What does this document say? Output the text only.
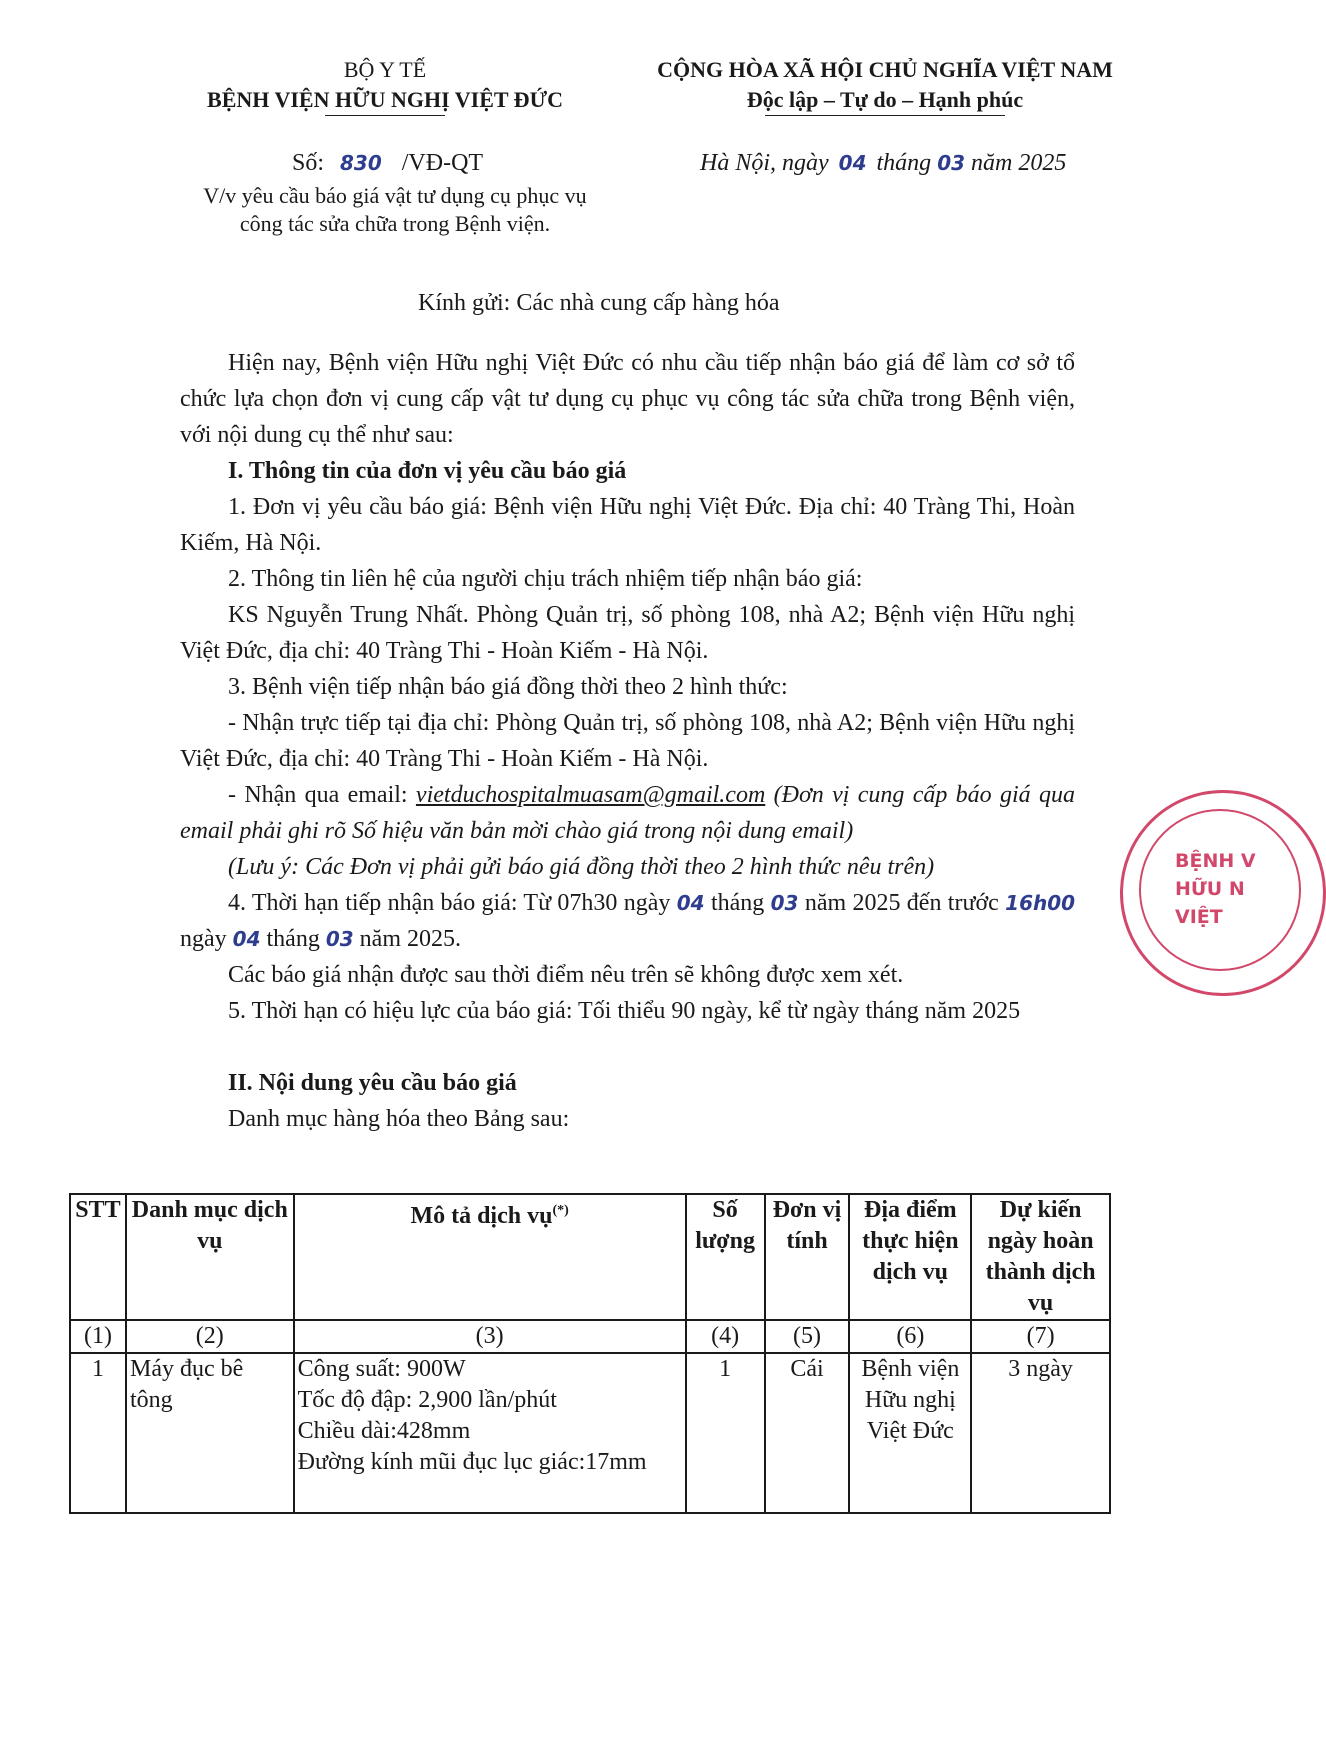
BỘ Y TẾ
BỆNH VIỆN HỮU NGHỊ VIỆT ĐỨC
CỘNG HÒA XÃ HỘI CHỦ NGHĨA VIỆT NAM
Độc lập – Tự do – Hạnh phúc
Số: 830 /VĐ-QT
V/v yêu cầu báo giá vật tư dụng cụ phục vụ
công tác sửa chữa trong Bệnh viện.
Hà Nội, ngày 04 tháng 03 năm 2025
Kính gửi: Các nhà cung cấp hàng hóa
Hiện nay, Bệnh viện Hữu nghị Việt Đức có nhu cầu tiếp nhận báo giá để làm cơ sở tổ chức lựa chọn đơn vị cung cấp vật tư dụng cụ phục vụ công tác sửa chữa trong Bệnh viện, với nội dung cụ thể như sau:
I. Thông tin của đơn vị yêu cầu báo giá
1. Đơn vị yêu cầu báo giá: Bệnh viện Hữu nghị Việt Đức. Địa chỉ: 40 Tràng Thi, Hoàn Kiếm, Hà Nội.
2. Thông tin liên hệ của người chịu trách nhiệm tiếp nhận báo giá:
KS Nguyễn Trung Nhất. Phòng Quản trị, số phòng 108, nhà A2; Bệnh viện Hữu nghị Việt Đức, địa chỉ: 40 Tràng Thi - Hoàn Kiếm - Hà Nội.
3. Bệnh viện tiếp nhận báo giá đồng thời theo 2 hình thức:
- Nhận trực tiếp tại địa chỉ: Phòng Quản trị, số phòng 108, nhà A2; Bệnh viện Hữu nghị Việt Đức, địa chỉ: 40 Tràng Thi - Hoàn Kiếm - Hà Nội.
- Nhận qua email: vietduchospitalmuasam@gmail.com (Đơn vị cung cấp báo giá qua email phải ghi rõ Số hiệu văn bản mời chào giá trong nội dung email)
(Lưu ý: Các Đơn vị phải gửi báo giá đồng thời theo 2 hình thức nêu trên)
4. Thời hạn tiếp nhận báo giá: Từ 07h30 ngày 04 tháng 03 năm 2025 đến trước 16h00 ngày 04 tháng 03 năm 2025.
Các báo giá nhận được sau thời điểm nêu trên sẽ không được xem xét.
5. Thời hạn có hiệu lực của báo giá: Tối thiểu 90 ngày, kể từ ngày tháng năm 2025
II. Nội dung yêu cầu báo giá
Danh mục hàng hóa theo Bảng sau:
STT	Danh mục dịch vụ	Mô tả dịch vụ(*)	Số lượng	Đơn vị tính	Địa điểm thực hiện dịch vụ	Dự kiến ngày hoàn thành dịch vụ
(1)	(2)	(3)	(4)	(5)	(6)	(7)
1	Máy đục bê tông	Công suất: 900W
Tốc độ đập: 2,900 lần/phút
Chiều dài:428mm
Đường kính mũi đục lục giác:17mm	1	Cái	Bệnh viện Hữu nghị Việt Đức	3 ngày
BỆNH V
HỮU N
VIỆT
